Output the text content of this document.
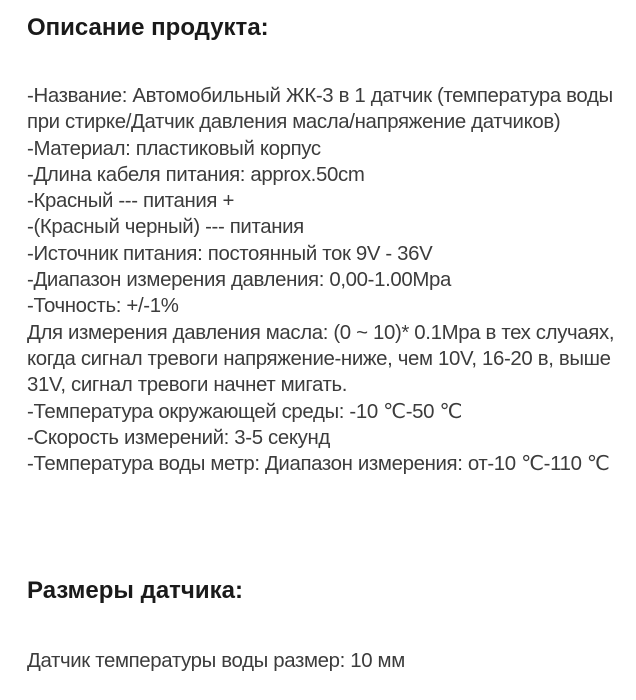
Описание продукта:
-Название: Автомобильный ЖК-3 в 1 датчик (температура воды при стирке/Датчик давления масла/напряжение датчиков)
-Материал: пластиковый корпус
-Длина кабеля питания: approx.50cm
-Красный --- питания +
-(Красный черный) --- питания
-Источник питания: постоянный ток 9V - 36V
-Диапазон измерения давления: 0,00-1.00Mpa
-Точность: +/-1%
Для измерения давления масла: (0 ~ 10)* 0.1Mpa в тех случаях, когда сигнал тревоги напряжение-ниже, чем 10V, 16-20 в, выше 31V, сигнал тревоги начнет мигать.
-Температура окружающей среды: -10 ℃-50 ℃
-Скорость измерений: 3-5 секунд
-Температура воды метр: Диапазон измерения: от-10 ℃-110 ℃
Размеры датчика:

Датчик температуры воды размер: 10 мм
